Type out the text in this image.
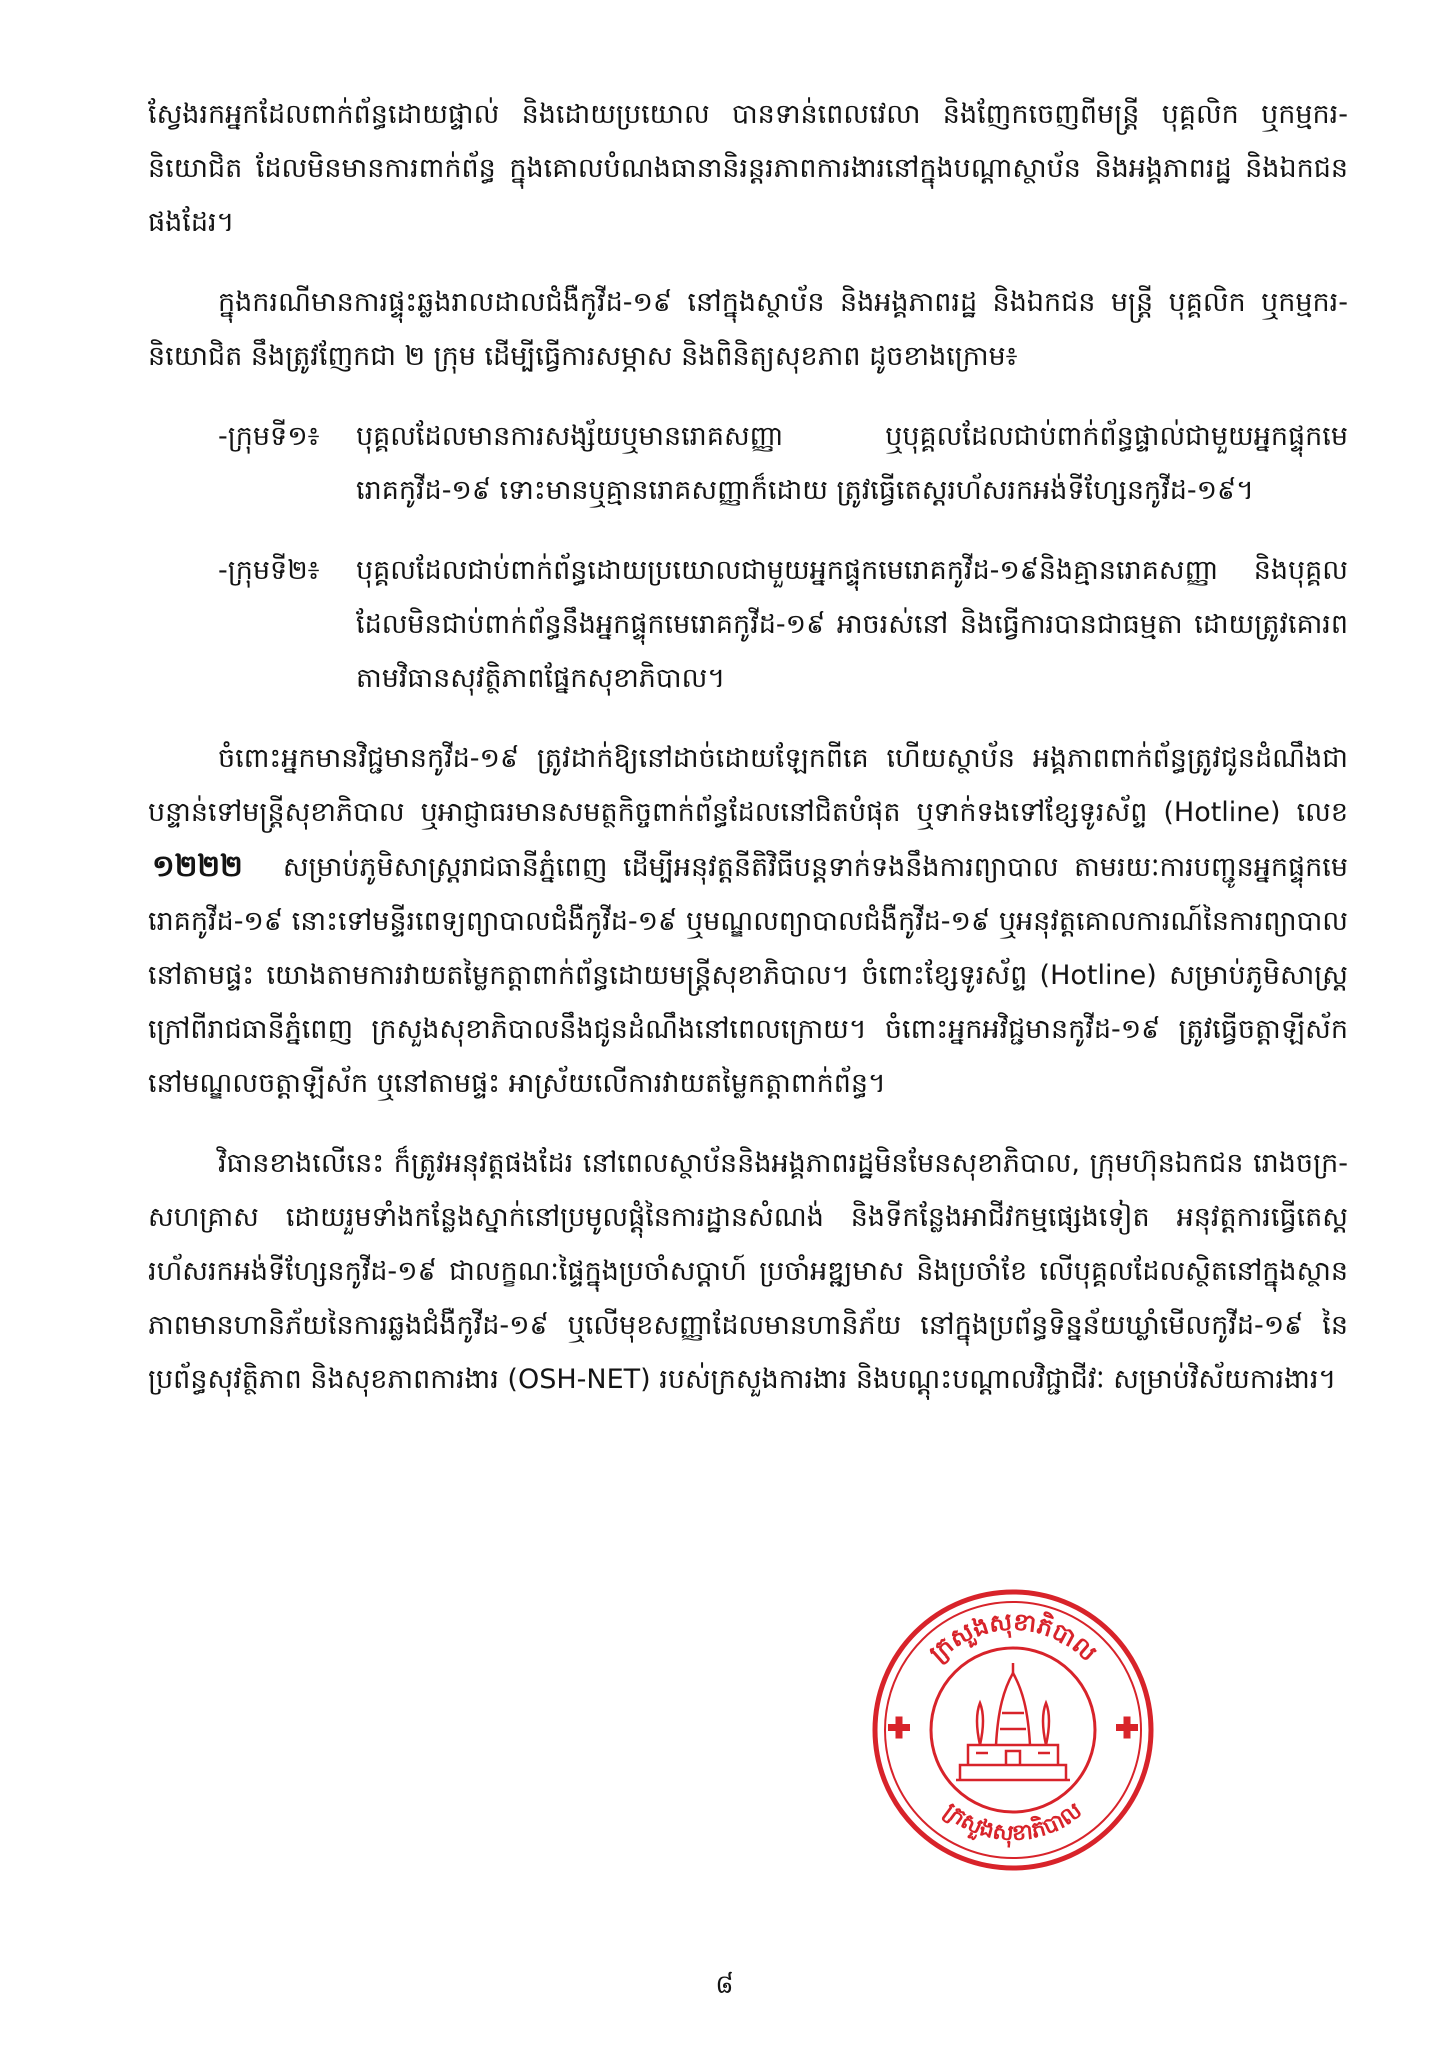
ស្វែងរកអ្នកដែលពាក់ព័ន្ធដោយផ្ទាល់ និងដោយប្រយោល បានទាន់ពេលវេលា និងញែកចេញពីមន្ត្រី បុគ្គលិក ឬកម្មករ-និយោជិត ដែលមិនមានការពាក់ព័ន្ធ ក្នុងគោលបំណងធានានិរន្តរភាពការងារនៅក្នុងបណ្តាស្ថាប័ន និងអង្គភាពរដ្ឋ និងឯកជនផងដែរ។

ក្នុងករណីមានការផ្ទុះឆ្លងរាលដាលជំងឺកូវីដ-១៩ នៅក្នុងស្ថាប័ន និងអង្គភាពរដ្ឋ និងឯកជន មន្ត្រី បុគ្គលិក ឬកម្មករ-និយោជិត នឹងត្រូវញែកជា ២ ក្រុម ដើម្បីធ្វើការសម្ភាស និងពិនិត្យសុខភាព ដូចខាងក្រោម៖

-ក្រុមទី១៖	បុគ្គលដែលមានការសង្ស័យឬមានរោគសញ្ញា ឬបុគ្គលដែលជាប់ពាក់ព័ន្ធផ្ទាល់ជាមួយអ្នកផ្ទុកមេរោគកូវីដ-១៩ ទោះមានឬគ្មានរោគសញ្ញាក៏ដោយ ត្រូវធ្វើតេស្តរហ័សរកអង់ទីហ្សែនកូវីដ-១៩។
-ក្រុមទី២៖	បុគ្គលដែលជាប់ពាក់ព័ន្ធដោយប្រយោលជាមួយអ្នកផ្ទុកមេរោគកូវីដ-១៩និងគ្មានរោគសញ្ញា និងបុគ្គលដែលមិនជាប់ពាក់ព័ន្ធនឹងអ្នកផ្ទុកមេរោគកូវីដ-១៩ អាចរស់នៅ និងធ្វើការបានជាធម្មតា ដោយត្រូវគោរពតាមវិធានសុវត្ថិភាពផ្នែកសុខាភិបាល។

ចំពោះអ្នកមានវិជ្ជមានកូវីដ-១៩ ត្រូវដាក់ឱ្យនៅដាច់ដោយឡែកពីគេ ហើយស្ថាប័ន អង្គភាពពាក់ព័ន្ធត្រូវជូនដំណឹងជាបន្ទាន់ទៅមន្ត្រីសុខាភិបាល ឬអាជ្ញាធរមានសមត្ថកិច្ចពាក់ព័ន្ធដែលនៅជិតបំផុត ឬទាក់ទងទៅខ្សែទូរស័ព្ទ (Hotline) លេខ ១២២២ សម្រាប់ភូមិសាស្ត្ររាជធានីភ្នំពេញ ដើម្បីអនុវត្តនីតិវិធីបន្តទាក់ទងនឹងការព្យាបាល តាមរយៈការបញ្ជូនអ្នកផ្ទុកមេរោគកូវីដ-១៩ នោះទៅមន្ទីរពេទ្យព្យាបាលជំងឺកូវីដ-១៩ ឬមណ្ឌលព្យាបាលជំងឺកូវីដ-១៩ ឬអនុវត្តគោលការណ៍នៃការព្យាបាលនៅតាមផ្ទះ យោងតាមការវាយតម្លៃកត្តាពាក់ព័ន្ធដោយមន្ត្រីសុខាភិបាល។ ចំពោះខ្សែទូរស័ព្ទ (Hotline) សម្រាប់ភូមិសាស្ត្រក្រៅពីរាជធានីភ្នំពេញ ក្រសួងសុខាភិបាលនឹងជូនដំណឹងនៅពេលក្រោយ។ ចំពោះអ្នកអវិជ្ជមានកូវីដ-១៩ ត្រូវធ្វើចត្តាឡីស័កនៅមណ្ឌលចត្តាឡីស័ក ឬនៅតាមផ្ទះ អាស្រ័យលើការវាយតម្លៃកត្តាពាក់ព័ន្ធ។

វិធានខាងលើនេះ ក៏ត្រូវអនុវត្តផងដែរ នៅពេលស្ថាប័ននិងអង្គភាពរដ្ឋមិនមែនសុខាភិបាល, ក្រុមហ៊ុនឯកជន រោងចក្រ-សហគ្រាស ដោយរួមទាំងកន្លែងស្នាក់នៅប្រមូលផ្តុំនៃការដ្ឋានសំណង់ និងទីកន្លែងអាជីវកម្មផ្សេងទៀត អនុវត្តការធ្វើតេស្តរហ័សរកអង់ទីហ្សែនកូវីដ-១៩ ជាលក្ខណៈផ្ទៃក្នុងប្រចាំសប្តាហ៍ ប្រចាំអឌ្ឍមាស និងប្រចាំខែ លើបុគ្គលដែលស្ថិតនៅក្នុងស្ថានភាពមានហានិភ័យនៃការឆ្លងជំងឺកូវីដ-១៩ ឬលើមុខសញ្ញាដែលមានហានិភ័យ នៅក្នុងប្រព័ន្ធទិន្នន័យឃ្លាំមើលកូវីដ-១៩ នៃប្រព័ន្ធសុវត្ថិភាព និងសុខភាពការងារ (OSH-NET) របស់ក្រសួងការងារ និងបណ្តុះបណ្តាលវិជ្ជាជីវៈ សម្រាប់វិស័យការងារ។

ក្រសួងសុខាភិបាល
ក្រសួងសុខាភិបាល
៨
